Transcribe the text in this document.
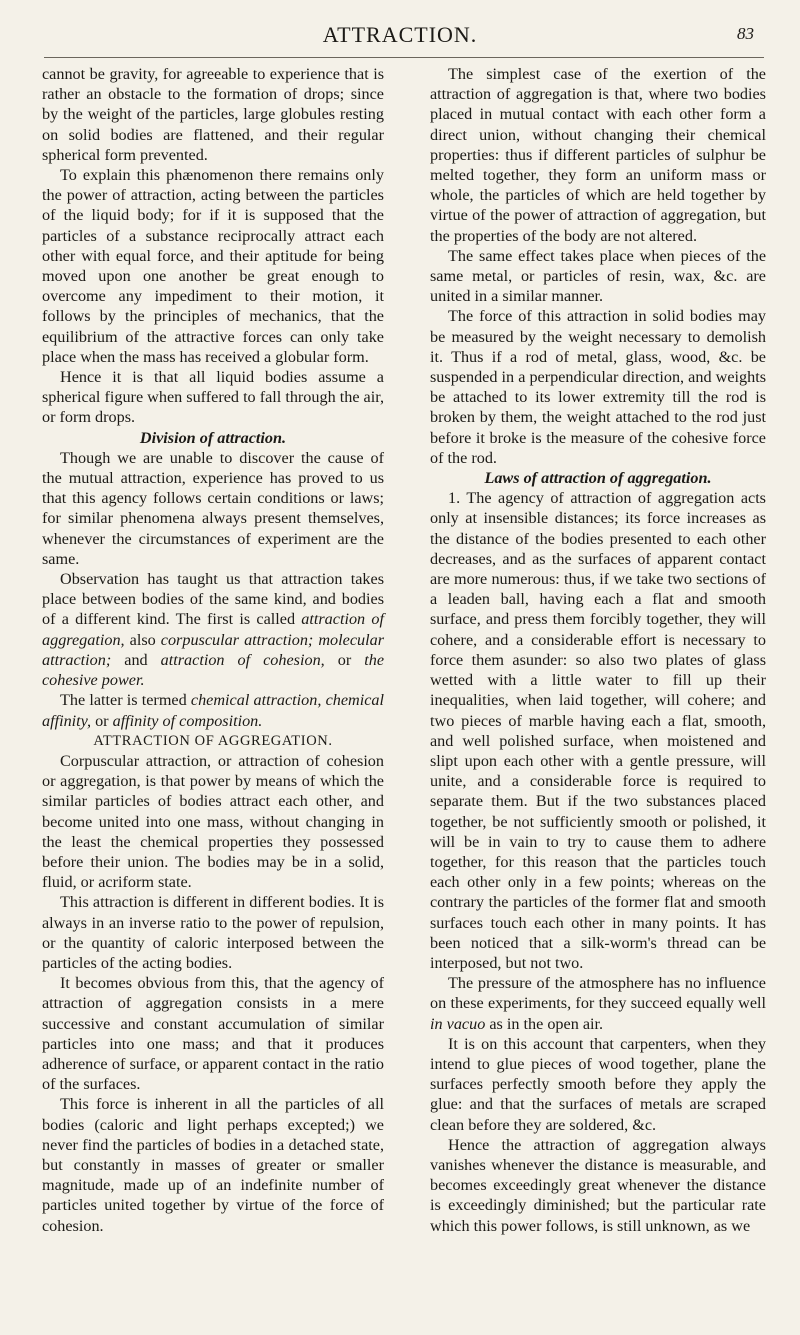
ATTRACTION.	83

cannot be gravity, for agreeable to experience that is rather an obstacle to the formation of drops; since by the weight of the particles, large globules resting on solid bodies are flattened, and their regular spherical form prevented.

To explain this phænomenon there remains only the power of attraction, acting between the particles of the liquid body; for if it is supposed that the particles of a substance reciprocally attract each other with equal force, and their aptitude for being moved upon one another be great enough to overcome any impediment to their motion, it follows by the principles of mechanics, that the equilibrium of the attractive forces can only take place when the mass has received a globular form.

Hence it is that all liquid bodies assume a spherical figure when suffered to fall through the air, or form drops.

Division of attraction.

Though we are unable to discover the cause of the mutual attraction, experience has proved to us that this agency follows certain conditions or laws; for similar phenomena always present themselves, whenever the circumstances of experiment are the same.

Observation has taught us that attraction takes place between bodies of the same kind, and bodies of a different kind. The first is called attraction of aggregation, also corpuscular attraction; molecular attraction; and attraction of cohesion, or the cohesive power.

The latter is termed chemical attraction, chemical affinity, or affinity of composition.

ATTRACTION OF AGGREGATION.

Corpuscular attraction, or attraction of cohesion or aggregation, is that power by means of which the similar particles of bodies attract each other, and become united into one mass, without changing in the least the chemical properties they possessed before their union. The bodies may be in a solid, fluid, or acriform state.

This attraction is different in different bodies. It is always in an inverse ratio to the power of repulsion, or the quantity of caloric interposed between the particles of the acting bodies.

It becomes obvious from this, that the agency of attraction of aggregation consists in a mere successive and constant accumulation of similar particles into one mass; and that it produces adherence of surface, or apparent contact in the ratio of the surfaces.

This force is inherent in all the particles of all bodies (caloric and light perhaps excepted;) we never find the particles of bodies in a detached state, but constantly in masses of greater or smaller magnitude, made up of an indefinite number of particles united together by virtue of the force of cohesion.

The simplest case of the exertion of the attraction of aggregation is that, where two bodies placed in mutual contact with each other form a direct union, without changing their chemical properties: thus if different particles of sulphur be melted together, they form an uniform mass or whole, the particles of which are held together by virtue of the power of attraction of aggregation, but the properties of the body are not altered.

The same effect takes place when pieces of the same metal, or particles of resin, wax, &c. are united in a similar manner.

The force of this attraction in solid bodies may be measured by the weight necessary to demolish it. Thus if a rod of metal, glass, wood, &c. be suspended in a perpendicular direction, and weights be attached to its lower extremity till the rod is broken by them, the weight attached to the rod just before it broke is the measure of the cohesive force of the rod.

Laws of attraction of aggregation.

1. The agency of attraction of aggregation acts only at insensible distances; its force increases as the distance of the bodies presented to each other decreases, and as the surfaces of apparent contact are more numerous: thus, if we take two sections of a leaden ball, having each a flat and smooth surface, and press them forcibly together, they will cohere, and a considerable effort is necessary to force them asunder: so also two plates of glass wetted with a little water to fill up their inequalities, when laid together, will cohere; and two pieces of marble having each a flat, smooth, and well polished surface, when moistened and slipt upon each other with a gentle pressure, will unite, and a considerable force is required to separate them. But if the two substances placed together, be not sufficiently smooth or polished, it will be in vain to try to cause them to adhere together, for this reason that the particles touch each other only in a few points; whereas on the contrary the particles of the former flat and smooth surfaces touch each other in many points. It has been noticed that a silk-worm's thread can be interposed, but not two.

The pressure of the atmosphere has no influence on these experiments, for they succeed equally well in vacuo as in the open air.

It is on this account that carpenters, when they intend to glue pieces of wood together, plane the surfaces perfectly smooth before they apply the glue: and that the surfaces of metals are scraped clean before they are soldered, &c.

Hence the attraction of aggregation always vanishes whenever the distance is measurable, and becomes exceedingly great whenever the distance is exceedingly diminished; but the particular rate which this power follows, is still unknown, as we
